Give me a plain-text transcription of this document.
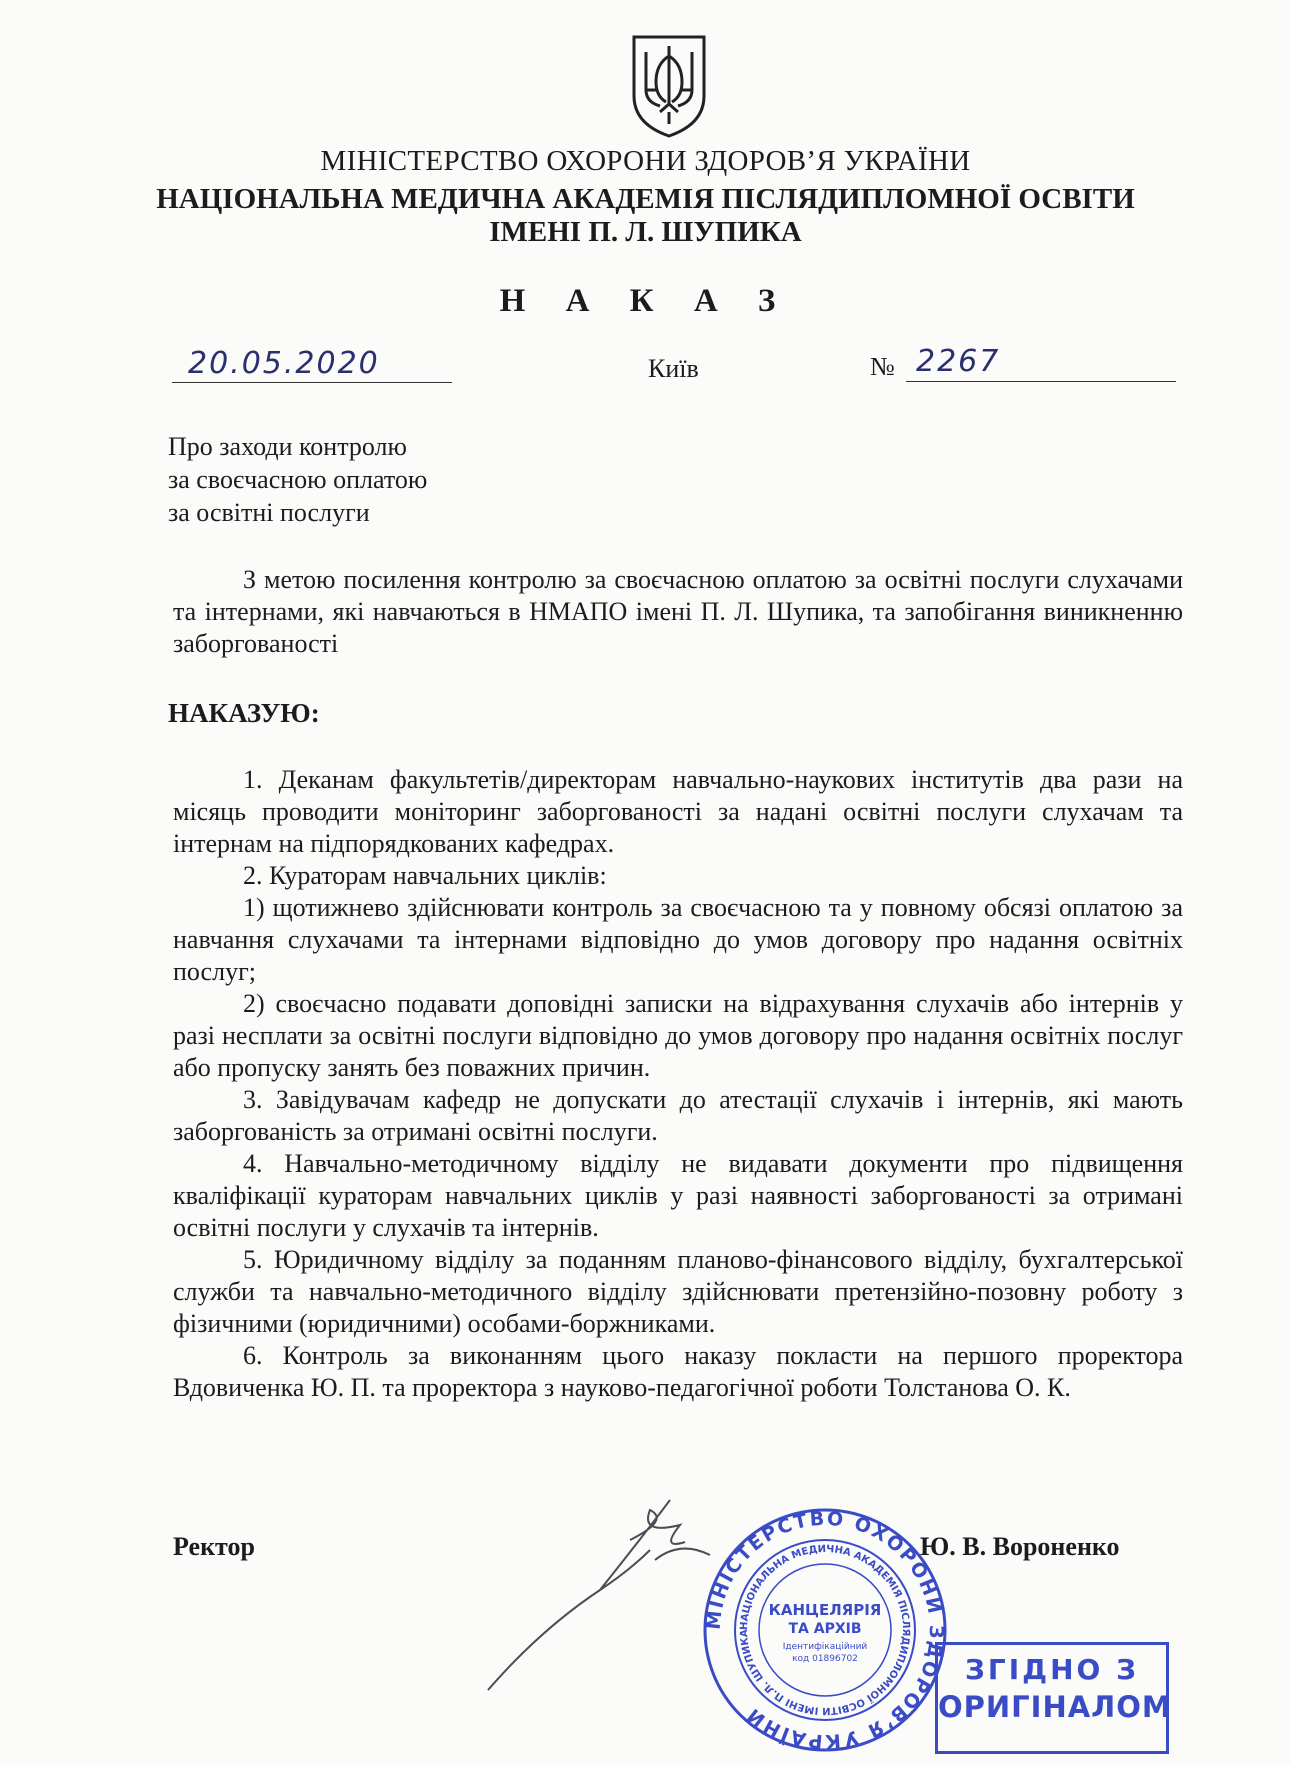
МІНІСТЕРСТВО ОХОРОНИ ЗДОРОВ’Я УКРАЇНИ
НАЦІОНАЛЬНА МЕДИЧНА АКАДЕМІЯ ПІСЛЯДИПЛОМНОЇ ОСВІТИ
ІМЕНІ П. Л. ШУПИКА
Н А К А З
20.05.2020	Київ	№ 2267
Про заходи контролю
за своєчасною оплатою
за освітні послуги

З метою посилення контролю за своєчасною оплатою за освітні послуги слухачами та інтернами, які навчаються в НМАПО імені П. Л. Шупика, та запобігання виникненню заборгованості

НАКАЗУЮ:

1. Деканам факультетів/директорам навчально-наукових інститутів два рази на місяць проводити моніторинг заборгованості за надані освітні послуги слухачам та інтернам на підпорядкованих кафедрах.

2. Кураторам навчальних циклів:

1) щотижнево здійснювати контроль за своєчасною та у повному обсязі оплатою за навчання слухачами та інтернами відповідно до умов договору про надання освітніх послуг;

2) своєчасно подавати доповідні записки на відрахування слухачів або інтернів у разі несплати за освітні послуги відповідно до умов договору про надання освітніх послуг або пропуску занять без поважних причин.

3. Завідувачам кафедр не допускати до атестації слухачів і інтернів, які мають заборгованість за отримані освітні послуги.

4. Навчально-методичному відділу не видавати документи про підвищення кваліфікації кураторам навчальних циклів у разі наявності заборгованості за отримані освітні послуги у слухачів та інтернів.

5. Юридичному відділу за поданням планово-фінансового відділу, бухгалтерської служби та навчально-методичного відділу здійснювати претензійно-позовну роботу з фізичними (юридичними) особами-боржниками.

6. Контроль за виконанням цього наказу покласти на першого проректора Вдовиченка Ю. П. та проректора з науково-педагогічної роботи Толстанова О. К.

Ректор	Ю. В. Вороненко
МІНІСТЕРСТВО ОХОРОНИ ЗДОРОВ’Я УКРАЇНИ
НАЦІОНАЛЬНА МЕДИЧНА АКАДЕМІЯ ПІСЛЯДИПЛОМНОЇ ОСВІТИ ІМЕНІ П.Л. ШУПИКА
КАНЦЕЛЯРІЯ
ТА АРХІВ
Ідентифікаційний
код 01896702	ЗГІДНО З
ОРИГІНАЛОМ
